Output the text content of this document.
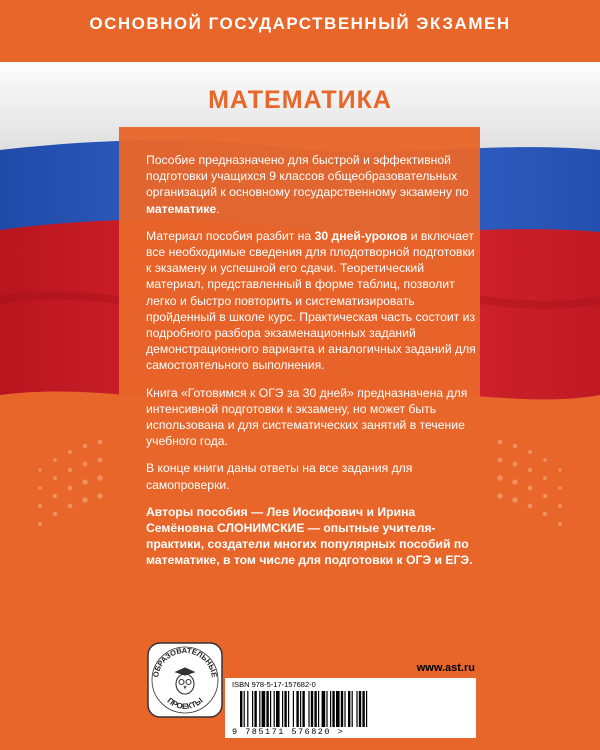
ОСНОВНОЙ ГОСУДАРСТВЕННЫЙ ЭКЗАМЕН
МАТЕМАТИКА

Пособие предназначено для быстрой и эффективной подготовки учащихся 9 классов общеобразовательных организаций к основному государственному экзамену по математике.

Материал пособия разбит на 30 дней-уроков и включает все необходимые сведения для плодотворной подготовки к экзамену и успешной его сдачи. Теоретический материал, представленный в форме таблиц, позволит легко и быстро повторить и систематизировать пройденный в школе курс. Практическая часть состоит из подробного разбора экзаменационных заданий демонстрационного варианта и аналогичных заданий для самостоятельного выполнения.

Книга «Готовимся к ОГЭ за 30 дней» предназначена для интенсивной подготовки к экзамену, но может быть использована и для систематических занятий в течение учебного года.

В конце книги даны ответы на все задания для самопроверки.

Авторы пособия — Лев Иосифович и Ирина Семёновна СЛОНИМСКИЕ — опытные учителя-практики, создатели многих популярных пособий по математике, в том числе для подготовки к ОГЭ и ЕГЭ.

www.ast.ru
ОБРАЗОВАТЕЛЬНЫЕ
ПРОЕКТЫ
ISBN 978-5-17-157682-0
9 785171 576820 >
